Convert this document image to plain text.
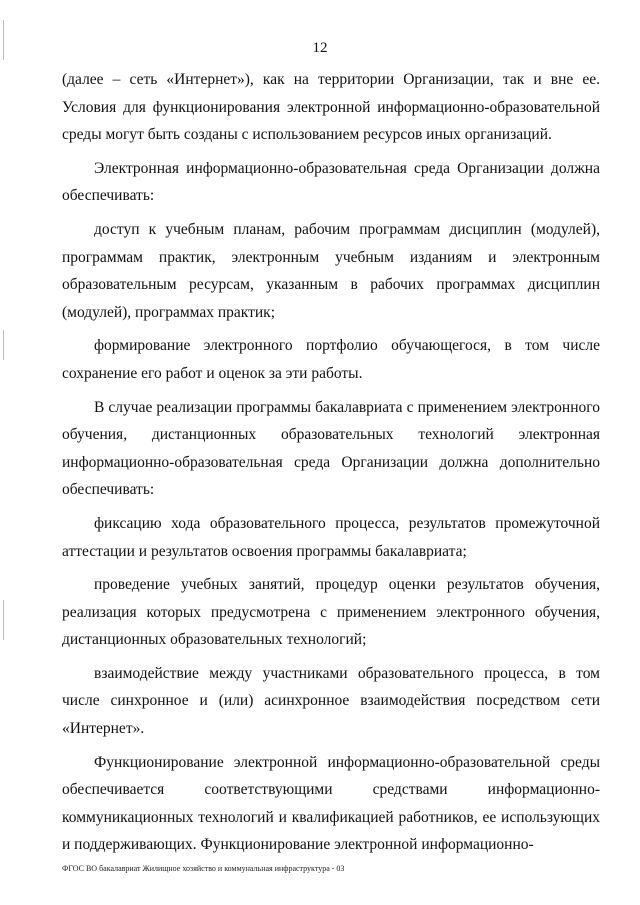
12

(далее – сеть «Интернет»), как на территории Организации, так и вне ее. Условия для функционирования электронной информационно-образовательной среды могут быть созданы с использованием ресурсов иных организаций.

Электронная информационно-образовательная среда Организации должна обеспечивать:

доступ к учебным планам, рабочим программам дисциплин (модулей), программам практик, электронным учебным изданиям и электронным образовательным ресурсам, указанным в рабочих программах дисциплин (модулей), программах практик;

формирование электронного портфолио обучающегося, в том числе сохранение его работ и оценок за эти работы.

В случае реализации программы бакалавриата с применением электронного обучения, дистанционных образовательных технологий электронная информационно-образовательная среда Организации должна дополнительно обеспечивать:

фиксацию хода образовательного процесса, результатов промежуточной аттестации и результатов освоения программы бакалавриата;

проведение учебных занятий, процедур оценки результатов обучения, реализация которых предусмотрена с применением электронного обучения, дистанционных образовательных технологий;

взаимодействие между участниками образовательного процесса, в том числе синхронное и (или) асинхронное взаимодействия посредством сети «Интернет».

Функционирование электронной информационно-образовательной среды обеспечивается соответствующими средствами информационно-коммуникационных технологий и квалификацией работников, ее использующих и поддерживающих. Функционирование электронной информационно-

ФГОС ВО бакалавриат Жилищное хозяйство и коммунальная инфраструктура - 03
